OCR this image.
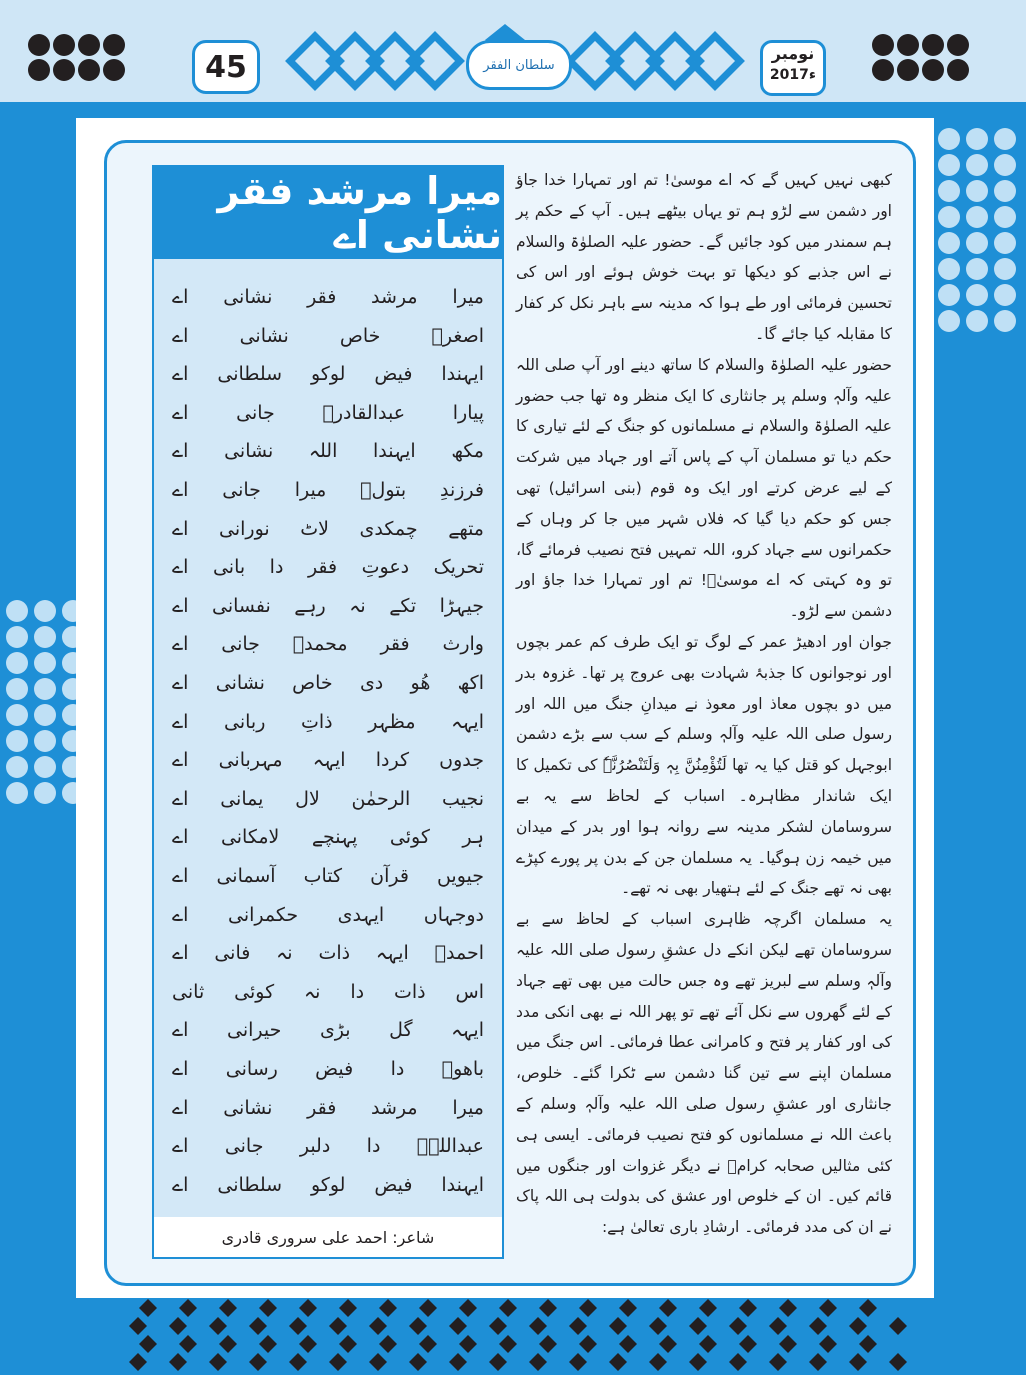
45	سلطان الفقر
نومبر
2017ء
میرا مرشد فقر نشانی اے
میرا
مرشد
فقر
نشانی
اے
اصغرؒ
خاص
نشانی
اے
ایہندا
فیض
لوکو
سلطانی
اے
پیارا
عبدالقادرؓ
جانی
اے
مکھ
ایہندا
اللہ
نشانی
اے
فرزندِ
بتولؑ
میرا
جانی
اے
متھے
چمکدی
لاٹ
نورانی
اے
تحریک
دعوتِ
فقر
دا
بانی
اے
جیہڑا
تکے
نہ
رہے
نفسانی
اے
وارث
فقر
محمدؐ
جانی
اے
اکھ
ھُو
دی
خاص
نشانی
اے
ایہہ
مظہر
ذاتِ
ربانی
اے
جدوں
کردا
ایہہ
مہربانی
اے
نجیب
الرحمٰن
لال
یمانی
اے
ہر
کوئی
پہنچے
لامکانی
اے
جیویں
قرآن
کتاب
آسمانی
اے
دوجہاں
ایہدی
حکمرانی
اے
احمدؐ
ایہہ
ذات
نہ
فانی
اے
اس
ذات
دا
نہ
کوئی
ثانی
ایہہ
گل
بڑی
حیرانی
اے
باھوؒ
دا
فیض
رسانی
اے
میرا
مرشد
فقر
نشانی
اے
عبداللہؒ
دا
دلبر
جانی
اے
ایہندا
فیض
لوکو
سلطانی
اے
شاعر: احمد علی سروری قادری

کبھی نہیں کہیں گے کہ اے موسیٰ! تم اور تمہارا خدا جاؤ اور دشمن سے لڑو ہم تو یہاں بیٹھے ہیں۔ آپ کے حکم پر ہم سمندر میں کود جائیں گے۔ حضور علیہ الصلوٰۃ والسلام نے اس جذبے کو دیکھا تو بہت خوش ہوئے اور اس کی تحسین فرمائی اور طے ہوا کہ مدینہ سے باہر نکل کر کفار کا مقابلہ کیا جائے گا۔

حضور علیہ الصلوٰۃ والسلام کا ساتھ دینے اور آپ صلی اللہ علیہ وآلہٖ وسلم پر جانثاری کا ایک منظر وہ تھا جب حضور علیہ الصلوٰۃ والسلام نے مسلمانوں کو جنگ کے لئے تیاری کا حکم دیا تو مسلمان آپ کے پاس آتے اور جہاد میں شرکت کے لیے عرض کرتے اور ایک وہ قوم (بنی اسرائیل) تھی جس کو حکم دیا گیا کہ فلاں شہر میں جا کر وہاں کے حکمرانوں سے جہاد کرو، اللہ تمہیں فتح نصیب فرمائے گا، تو وہ کہتی کہ اے موسیٰؑ! تم اور تمہارا خدا جاؤ اور دشمن سے لڑو۔

جوان اور ادھیڑ عمر کے لوگ تو ایک طرف کم عمر بچوں اور نوجوانوں کا جذبۂ شہادت بھی عروج پر تھا۔ غزوہ بدر میں دو بچوں معاذ اور معوذ نے میدانِ جنگ میں اللہ اور رسول صلی اللہ علیہ وآلہٖ وسلم کے سب سے بڑے دشمن ابوجہل کو قتل کیا یہ تھا لَتُؤْمِنُنَّ بِہٖ وَلَتَنْصُرُنَّہٗ کی تکمیل کا ایک شاندار مظاہرہ۔ اسباب کے لحاظ سے یہ بے سروسامان لشکر مدینہ سے روانہ ہوا اور بدر کے میدان میں خیمہ زن ہوگیا۔ یہ مسلمان جن کے بدن پر پورے کپڑے بھی نہ تھے جنگ کے لئے ہتھیار بھی نہ تھے۔

یہ مسلمان اگرچہ ظاہری اسباب کے لحاظ سے بے سروسامان تھے لیکن انکے دل عشقِ رسول صلی اللہ علیہ وآلہٖ وسلم سے لبریز تھے وہ جس حالت میں بھی تھے جہاد کے لئے گھروں سے نکل آئے تھے تو پھر اللہ نے بھی انکی مدد کی اور کفار پر فتح و کامرانی عطا فرمائی۔ اس جنگ میں مسلمان اپنے سے تین گنا دشمن سے ٹکرا گئے۔ خلوص، جانثاری اور عشقِ رسول صلی اللہ علیہ وآلہٖ وسلم کے باعث اللہ نے مسلمانوں کو فتح نصیب فرمائی۔ ایسی ہی کئی مثالیں صحابہ کرامؓ نے دیگر غزوات اور جنگوں میں قائم کیں۔ ان کے خلوص اور عشق کی بدولت ہی اللہ پاک نے ان کی مدد فرمائی۔ ارشادِ باری تعالیٰ ہے:
